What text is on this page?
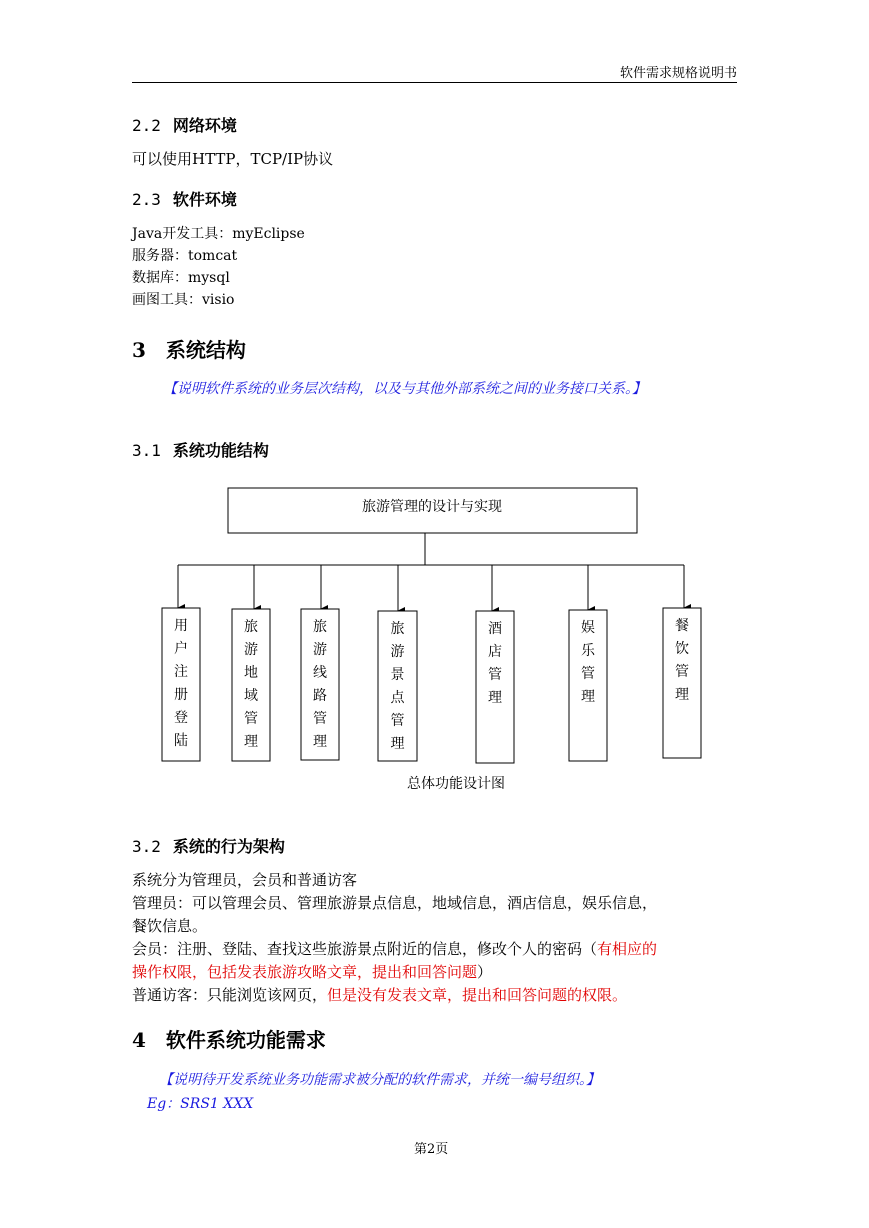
软件需求规格说明书
2.2 网络环境
可以使用HTTP，TCP/IP协议
2.3 软件环境
Java开发工具：myEclipse
服务器：tomcat
数据库：mysql
画图工具：visio
3 系统结构
【说明软件系统的业务层次结构，以及与其他外部系统之间的业务接口关系。】
3.1 系统功能结构
旅游管理的设计与实现
用户注册登陆
旅游地域管理
旅游线路管理
旅游景点管理
酒店管理
娱乐管理
餐饮管理
总体功能设计图
3.2 系统的行为架构

系统分为管理员，会员和普通访客

管理员：可以管理会员、管理旅游景点信息，地域信息，酒店信息，娱乐信息，

餐饮信息。

会员：注册、登陆、查找这些旅游景点附近的信息，修改个人的密码（有相应的

操作权限，包括发表旅游攻略文章，提出和回答问题）

普通访客：只能浏览该网页，但是没有发表文章，提出和回答问题的权限。

4 软件系统功能需求
【说明待开发系统业务功能需求被分配的软件需求，并统一编号组织。】
Eg：SRS1 XXX
第2页
